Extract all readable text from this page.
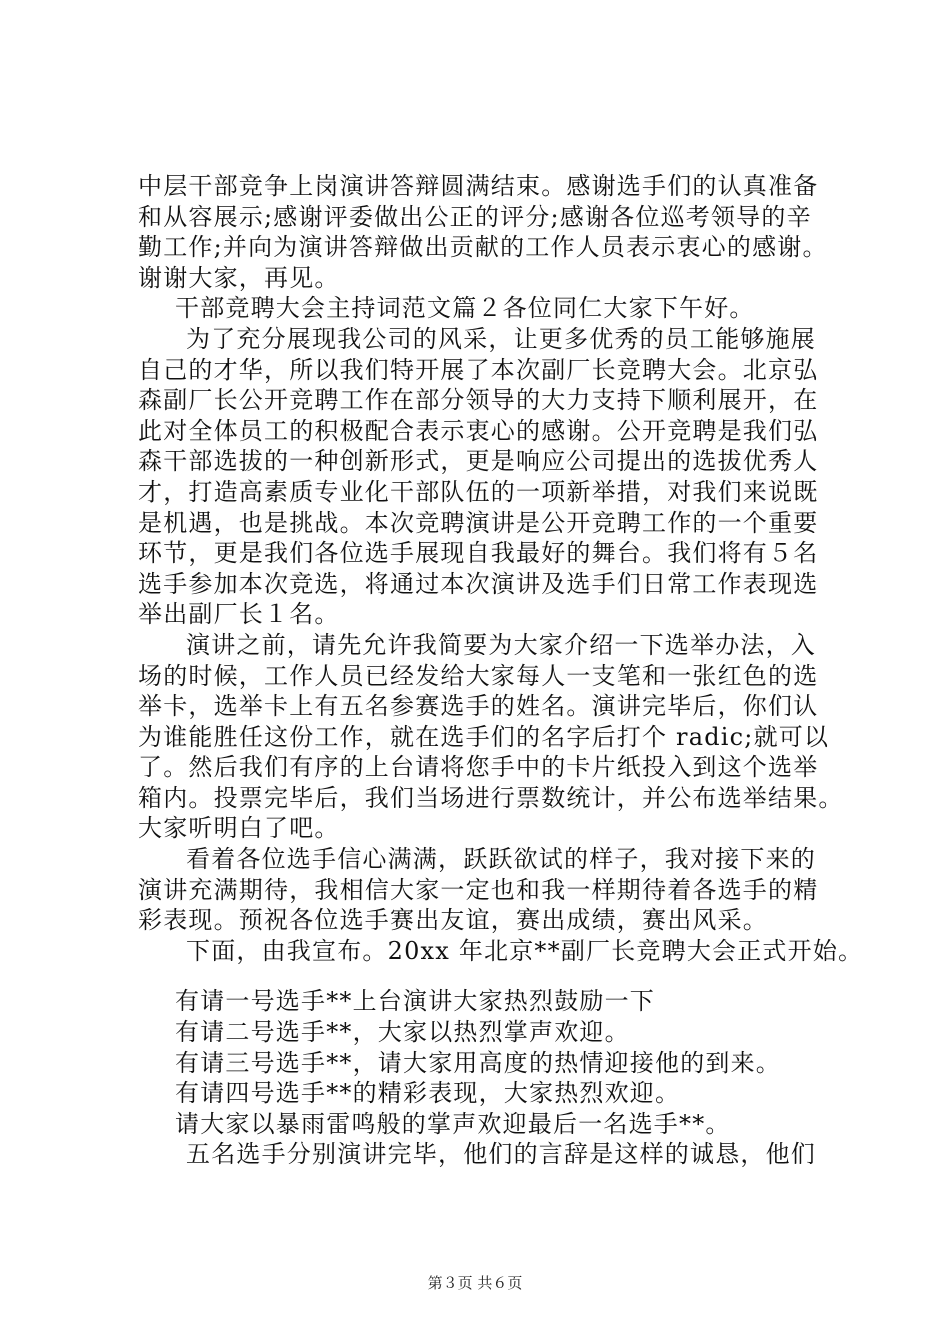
中层干部竞争上岗演讲答辩圆满结束。感谢选手们的认真准备
和从容展示;感谢评委做出公正的评分;感谢各位巡考领导的辛
勤工作;并向为演讲答辩做出贡献的工作人员表示衷心的感谢。
谢谢大家，再见。
干部竞聘大会主持词范文篇２各位同仁大家下午好。
为了充分展现我公司的风采，让更多优秀的员工能够施展
自己的才华，所以我们特开展了本次副厂长竞聘大会。北京弘
森副厂长公开竞聘工作在部分领导的大力支持下顺利展开，在
此对全体员工的积极配合表示衷心的感谢。公开竞聘是我们弘
森干部选拔的一种创新形式，更是响应公司提出的选拔优秀人
才，打造高素质专业化干部队伍的一项新举措，对我们来说既
是机遇，也是挑战。本次竞聘演讲是公开竞聘工作的一个重要
环节，更是我们各位选手展现自我最好的舞台。我们将有５名
选手参加本次竞选，将通过本次演讲及选手们日常工作表现选
举出副厂长１名。
演讲之前，请先允许我简要为大家介绍一下选举办法，入
场的时候，工作人员已经发给大家每人一支笔和一张红色的选
举卡，选举卡上有五名参赛选手的姓名。演讲完毕后，你们认
为谁能胜任这份工作，就在选手们的名字后打个 radic;就可以
了。然后我们有序的上台请将您手中的卡片纸投入到这个选举
箱内。投票完毕后，我们当场进行票数统计，并公布选举结果。
大家听明白了吧。
看着各位选手信心满满，跃跃欲试的样子，我对接下来的
演讲充满期待，我相信大家一定也和我一样期待着各选手的精
彩表现。预祝各位选手赛出友谊，赛出成绩，赛出风采。
下面，由我宣布。20xx 年北京**副厂长竞聘大会正式开始。
有请一号选手**上台演讲大家热烈鼓励一下
有请二号选手**，大家以热烈掌声欢迎。
有请三号选手**，请大家用高度的热情迎接他的到来。
有请四号选手**的精彩表现，大家热烈欢迎。
请大家以暴雨雷鸣般的掌声欢迎最后一名选手**。
五名选手分别演讲完毕，他们的言辞是这样的诚恳，他们
第３页 共６页
